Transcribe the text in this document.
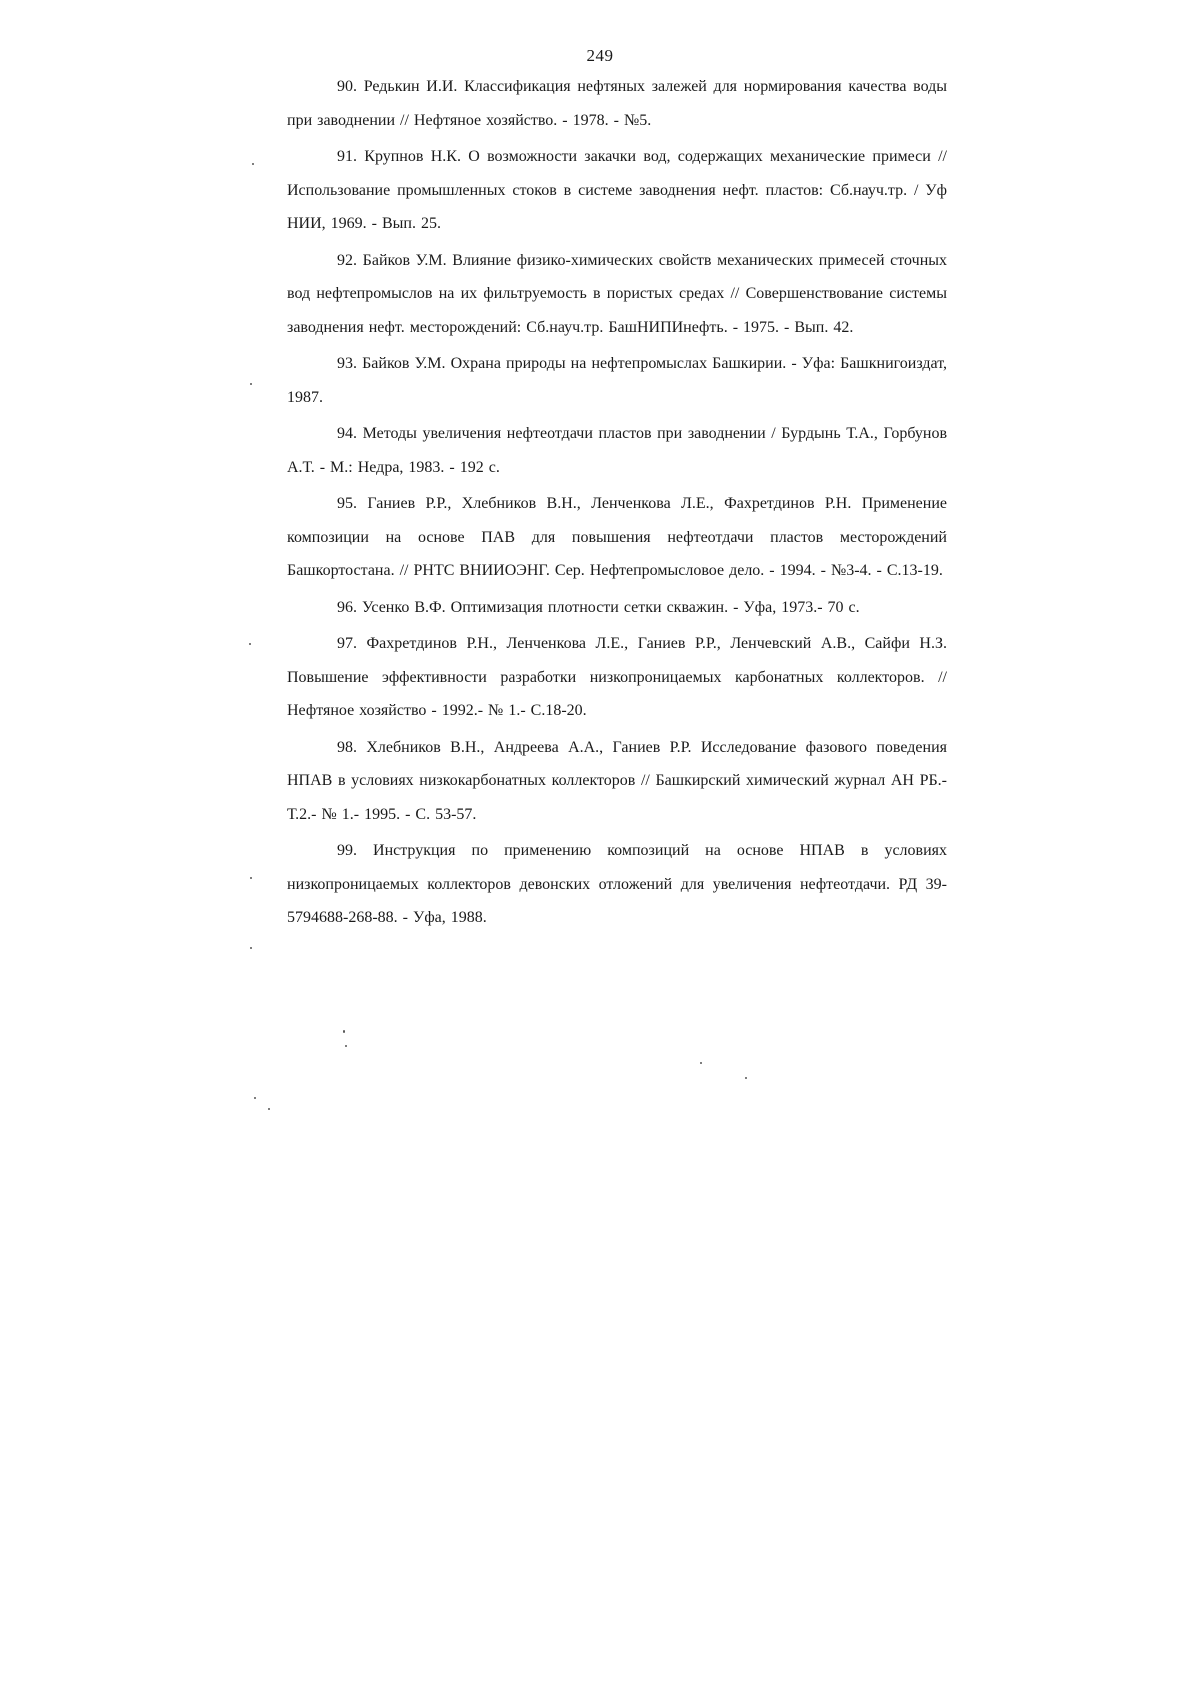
249

90. Редькин И.И. Классификация нефтяных залежей для нормирования качества воды при заводнении // Нефтяное хозяйство. - 1978. - №5.

91. Крупнов Н.К. О возможности закачки вод, содержащих механические примеси // Использование промышленных стоков в системе заводнения нефт. пластов: Сб.науч.тр. / Уф НИИ, 1969. - Вып. 25.

92. Байков У.М. Влияние физико-химических свойств механических примесей сточных вод нефтепромыслов на их фильтруемость в пористых средах // Совершенствование системы заводнения нефт. месторождений: Сб.науч.тр. БашНИПИнефть. - 1975. - Вып. 42.

93. Байков У.М. Охрана природы на нефтепромыслах Башкирии. - Уфа: Башкнигоиздат, 1987.

94. Методы увеличения нефтеотдачи пластов при заводнении / Бурдынь Т.А., Горбунов А.Т. - М.: Недра, 1983. - 192 с.

95. Ганиев Р.Р., Хлебников В.Н., Ленченкова Л.Е., Фахретдинов Р.Н. Применение композиции на основе ПАВ для повышения нефтеотдачи пластов месторождений Башкортостана. // РНТС ВНИИОЭНГ. Сер. Нефтепромысловое дело. - 1994. - №3-4. - С.13-19.

96. Усенко В.Ф. Оптимизация плотности сетки скважин. - Уфа, 1973.- 70 с.

97. Фахретдинов Р.Н., Ленченкова Л.Е., Ганиев Р.Р., Ленчевский А.В., Сайфи Н.З. Повышение эффективности разработки низкопроницаемых карбонатных коллекторов. // Нефтяное хозяйство - 1992.- № 1.- С.18-20.

98. Хлебников В.Н., Андреева А.А., Ганиев Р.Р. Исследование фазового поведения НПАВ в условиях низкокарбонатных коллекторов // Башкирский химический журнал АН РБ.- Т.2.- № 1.- 1995. - С. 53-57.

99. Инструкция по применению композиций на основе НПАВ в условиях низкопроницаемых коллекторов девонских отложений для увеличения нефтеотдачи. РД 39-5794688-268-88. - Уфа, 1988.
